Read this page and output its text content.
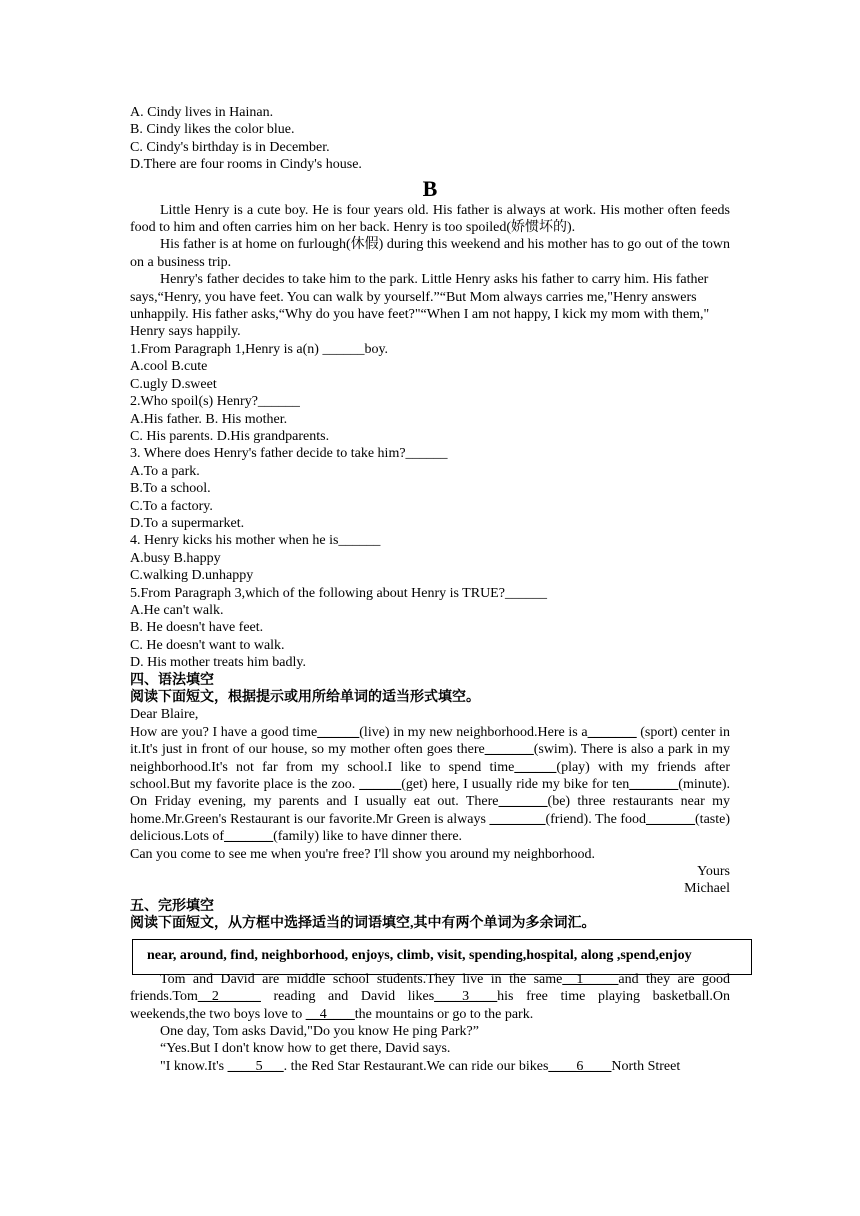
A. Cindy lives in Hainan.
B. Cindy likes the color blue.
C. Cindy's birthday is in December.
D.There are four rooms in Cindy's house.
B
Little Henry is a cute boy. He is four years old. His father is always at work. His mother often feeds food to him and often carries him on her back. Henry is too spoiled(娇惯坏的).
His father is at home on furlough(休假) during this weekend and his mother has to go out of the town on a business trip.
Henry's father decides to take him to the park. Little Henry asks his father to carry him. His father says,“Henry, you have feet. You can walk by yourself.”“But Mom always carries me,"Henry answers unhappily. His father asks,“Why do you have feet?"“When I am not happy, I kick my mom with them," Henry says happily.
1.From Paragraph 1,Henry is a(n) ______boy.
A.cool B.cute
C.ugly D.sweet
2.Who spoil(s) Henry?______
A.His father. B. His mother.
C. His parents. D.His grandparents.
3. Where does Henry's father decide to take him?______
A.To a park.
B.To a school.
C.To a factory.
D.To a supermarket.
4. Henry kicks his mother when he is______
A.busy B.happy
C.walking D.unhappy
5.From Paragraph 3,which of the following about Henry is TRUE?______
A.He can't walk.
B. He doesn't have feet.
C. He doesn't want to walk.
D. His mother treats him badly.
四、语法填空
阅读下面短文，根据提示或用所给单词的适当形式填空。
Dear Blaire,
How are you? I have a good time______(live) in my new neighborhood.Here is a_______ (sport) center in it.It's just in front of our house, so my mother often goes there_______(swim). There is also a park in my neighborhood.It's not far from my school.I like to spend time______(play) with my friends after school.But my favorite place is the zoo. ______(get) here, I usually ride my bike for ten_______(minute). On Friday evening, my parents and I usually eat out. There_______(be) three restaurants near my home.Mr.Green's Restaurant is our favorite.Mr Green is always ________(friend). The food_______(taste) delicious.Lots of_______(family) like to have dinner there.
Can you come to see me when you're free? I'll show you around my neighborhood.
Yours
Michael
五、完形填空
阅读下面短文，从方框中选择适当的词语填空,其中有两个单词为多余词汇。
near, around, find, neighborhood, enjoys, climb, visit, spending,hospital, along ,spend,enjoy
Tom and David are middle school students.They live in the same__1_____and they are good friends.Tom__2______ reading and David likes____3____his free time playing basketball.On weekends,the two boys love to __4____the mountains or go to the park.
One day, Tom asks David,"Do you know He ping Park?”
“Yes.But I don't know how to get there, David says.
"I know.It's ____5___. the Red Star Restaurant.We can ride our bikes____6____North Street
